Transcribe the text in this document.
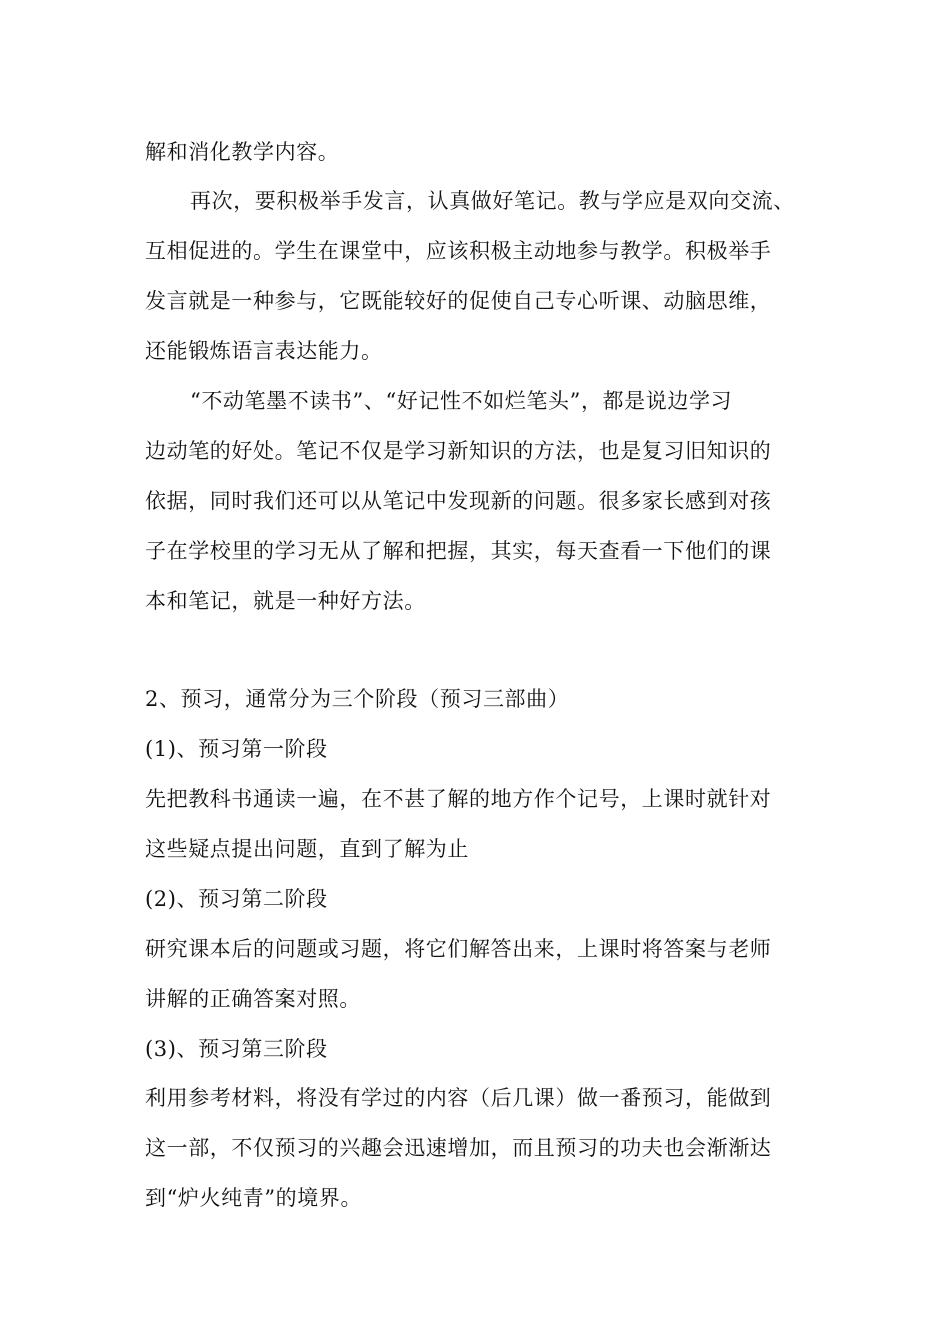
解和消化教学内容。
再次，要积极举手发言，认真做好笔记。教与学应是双向交流、
互相促进的。学生在课堂中，应该积极主动地参与教学。积极举手
发言就是一种参与，它既能较好的促使自己专心听课、动脑思维，
还能锻炼语言表达能力。
“不动笔墨不读书”、“好记性不如烂笔头”，都是说边学习
边动笔的好处。笔记不仅是学习新知识的方法，也是复习旧知识的
依据，同时我们还可以从笔记中发现新的问题。很多家长感到对孩
子在学校里的学习无从了解和把握，其实，每天查看一下他们的课
本和笔记，就是一种好方法。
2、预习，通常分为三个阶段（预习三部曲）
(1)、预习第一阶段
先把教科书通读一遍，在不甚了解的地方作个记号，上课时就针对
这些疑点提出问题，直到了解为止
(2)、预习第二阶段
研究课本后的问题或习题，将它们解答出来，上课时将答案与老师
讲解的正确答案对照。
(3)、预习第三阶段
利用参考材料，将没有学过的内容（后几课）做一番预习，能做到
这一部，不仅预习的兴趣会迅速增加，而且预习的功夫也会渐渐达
到“炉火纯青”的境界。
